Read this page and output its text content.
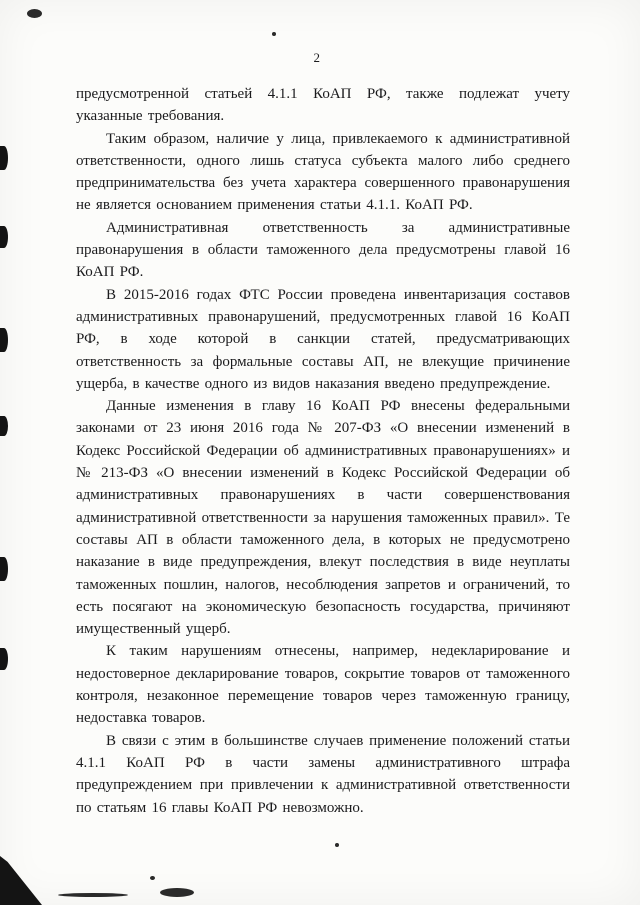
2

предусмотренной статьей 4.1.1 КоАП РФ, также подлежат учету указанные требования.

Таким образом, наличие у лица, привлекаемого к административной ответственности, одного лишь статуса субъекта малого либо среднего предпринимательства без учета характера совершенного правонарушения не является основанием применения статьи 4.1.1. КоАП РФ.

Административная ответственность за административные правонарушения в области таможенного дела предусмотрены главой 16 КоАП РФ.

В 2015-2016 годах ФТС России проведена инвентаризация составов административных правонарушений, предусмотренных главой 16 КоАП РФ, в ходе которой в санкции статей, предусматривающих ответственность за формальные составы АП, не влекущие причинение ущерба, в качестве одного из видов наказания введено предупреждение.

Данные изменения в главу 16 КоАП РФ внесены федеральными законами от 23 июня 2016 года № 207-ФЗ «О внесении изменений в Кодекс Российской Федерации об административных правонарушениях» и № 213-ФЗ «О внесении изменений в Кодекс Российской Федерации об административных правонарушениях в части совершенствования административной ответственности за нарушения таможенных правил». Те составы АП в области таможенного дела, в которых не предусмотрено наказание в виде предупреждения, влекут последствия в виде неуплаты таможенных пошлин, налогов, несоблюдения запретов и ограничений, то есть посягают на экономическую безопасность государства, причиняют имущественный ущерб.

К таким нарушениям отнесены, например, недекларирование и недостоверное декларирование товаров, сокрытие товаров от таможенного контроля, незаконное перемещение товаров через таможенную границу, недоставка товаров.

В связи с этим в большинстве случаев применение положений статьи 4.1.1 КоАП РФ в части замены административного штрафа предупреждением при привлечении к административной ответственности по статьям 16 главы КоАП РФ невозможно.
